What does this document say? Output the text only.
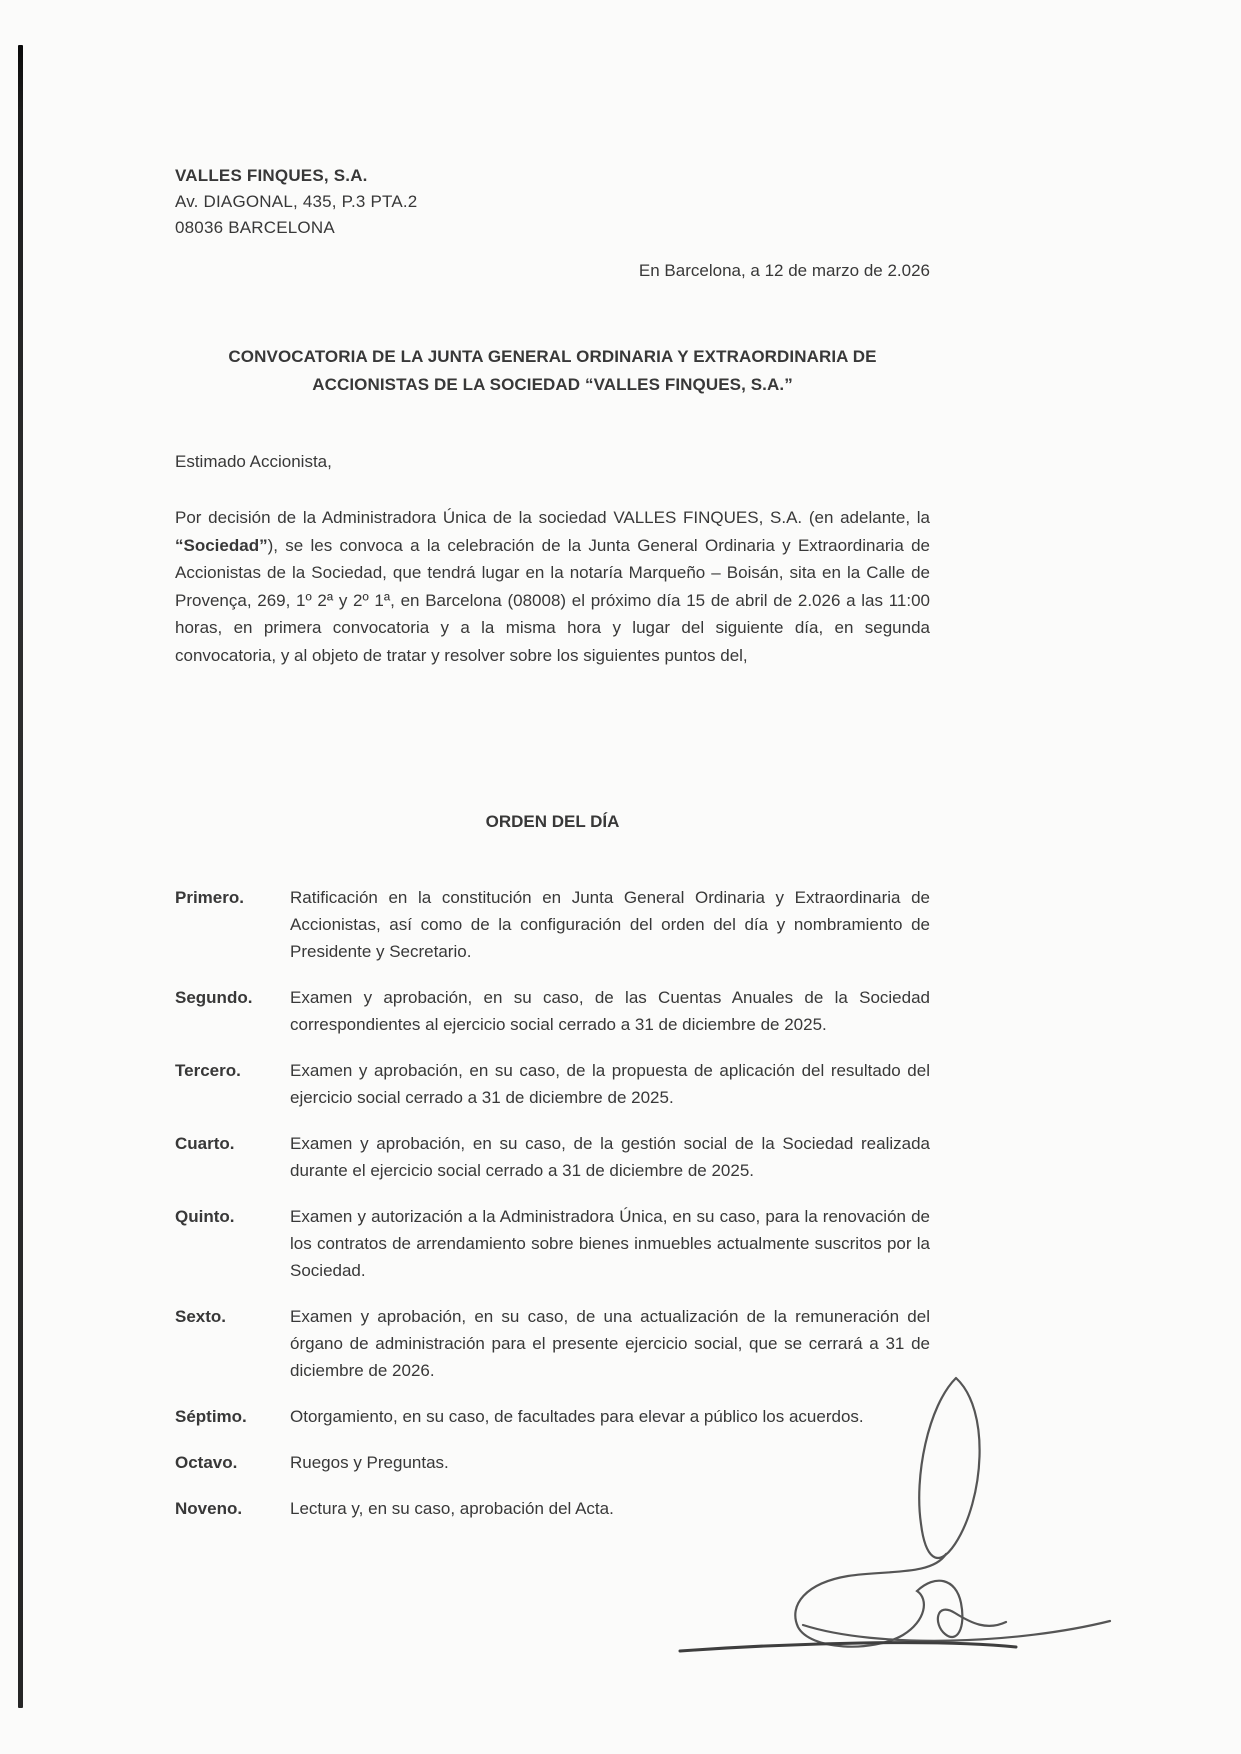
VALLES FINQUES, S.A.
Av. DIAGONAL, 435, P.3 PTA.2
08036 BARCELONA
En Barcelona, a 12 de marzo de 2.026
CONVOCATORIA DE LA JUNTA GENERAL ORDINARIA Y EXTRAORDINARIA DE
ACCIONISTAS DE LA SOCIEDAD “VALLES FINQUES, S.A.”
Estimado Accionista,

Por decisión de la Administradora Única de la sociedad VALLES FINQUES, S.A. (en adelante, la “Sociedad”), se les convoca a la celebración de la Junta General Ordinaria y Extraordinaria de Accionistas de la Sociedad, que tendrá lugar en la notaría Marqueño – Boisán, sita en la Calle de Provença, 269, 1º 2ª y 2º 1ª, en Barcelona (08008) el próximo día 15 de abril de 2.026 a las 11:00 horas, en primera convocatoria y a la misma hora y lugar del siguiente día, en segunda convocatoria, y al objeto de tratar y resolver sobre los siguientes puntos del,

ORDEN DEL DÍA
Primero.	Ratificación en la constitución en Junta General Ordinaria y Extraordinaria de Accionistas, así como de la configuración del orden del día y nombramiento de Presidente y Secretario.
Segundo.	Examen y aprobación, en su caso, de las Cuentas Anuales de la Sociedad correspondientes al ejercicio social cerrado a 31 de diciembre de 2025.
Tercero.	Examen y aprobación, en su caso, de la propuesta de aplicación del resultado del ejercicio social cerrado a 31 de diciembre de 2025.
Cuarto.	Examen y aprobación, en su caso, de la gestión social de la Sociedad realizada durante el ejercicio social cerrado a 31 de diciembre de 2025.
Quinto.	Examen y autorización a la Administradora Única, en su caso, para la renovación de los contratos de arrendamiento sobre bienes inmuebles actualmente suscritos por la Sociedad.
Sexto.	Examen y aprobación, en su caso, de una actualización de la remuneración del órgano de administración para el presente ejercicio social, que se cerrará a 31 de diciembre de 2026.
Séptimo.	Otorgamiento, en su caso, de facultades para elevar a público los acuerdos.
Octavo.	Ruegos y Preguntas.
Noveno.	Lectura y, en su caso, aprobación del Acta.
